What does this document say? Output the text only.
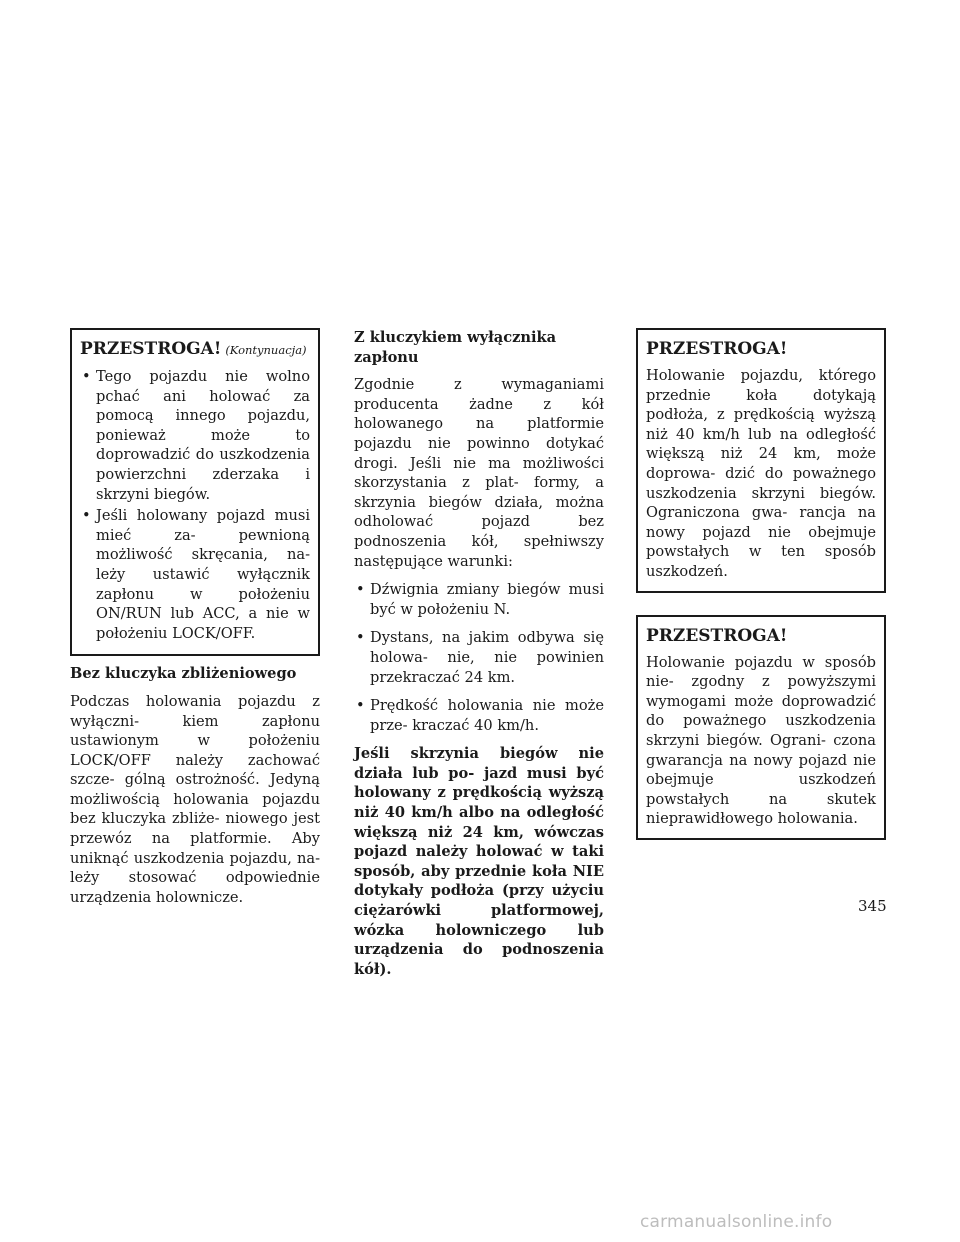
PRZESTROGA! (Kontynuacja)
• Tego pojazdu nie wolno pchać ani holować za pomocą innego pojazdu, ponieważ może to doprowadzić do uszkodzenia powierzchni zderzaka i skrzyni biegów.
• Jeśli holowany pojazd musi mieć za- pewnioną możliwość skręcania, na- leży ustawić wyłącznik zapłonu w położeniu ON/RUN lub ACC, a nie w położeniu LOCK/OFF.
Bez kluczyka zbliżeniowego

Podczas holowania pojazdu z wyłączni- kiem zapłonu ustawionym w położeniu LOCK/OFF należy zachować szcze- gólną ostrożność. Jedyną możliwością holowania pojazdu bez kluczyka zbliże- niowego jest przewóz na platformie. Aby uniknąć uszkodzenia pojazdu, na- leży stosować odpowiednie urządzenia holownicze.

Z kluczykiem wyłącznika zapłonu

Zgodnie z wymaganiami producenta żadne z kół holowanego na platformie pojazdu nie powinno dotykać drogi. Jeśli nie ma możliwości skorzystania z plat- formy, a skrzynia biegów działa, można odholować pojazd bez podnoszenia kół, spełniwszy następujące warunki:

• Dźwignia zmiany biegów musi być w położeniu N.
• Dystans, na jakim odbywa się holowa- nie, nie powinien przekraczać 24 km.
• Prędkość holowania nie może prze- kraczać 40 km/h.

Jeśli skrzynia biegów nie działa lub po- jazd musi być holowany z prędkością wyższą niż 40 km/h albo na odległość większą niż 24 km, wówczas pojazd należy holować w taki sposób, aby przednie koła NIE dotykały podłoża (przy użyciu ciężarówki platformowej, wózka holowniczego lub urządzenia do podnoszenia kół).

PRZESTROGA!
Holowanie pojazdu, którego przednie koła dotykają podłoża, z prędkością wyższą niż 40 km/h lub na odległość większą niż 24 km, może doprowa- dzić do poważnego uszkodzenia skrzyni biegów. Ograniczona gwa- rancja na nowy pojazd nie obejmuje powstałych w ten sposób uszkodzeń.
PRZESTROGA!
Holowanie pojazdu w sposób nie- zgodny z powyższymi wymogami może doprowadzić do poważnego uszkodzenia skrzyni biegów. Ograni- czona gwarancja na nowy pojazd nie obejmuje uszkodzeń powstałych na skutek nieprawidłowego holowania.
345
carmanualsonline.info
